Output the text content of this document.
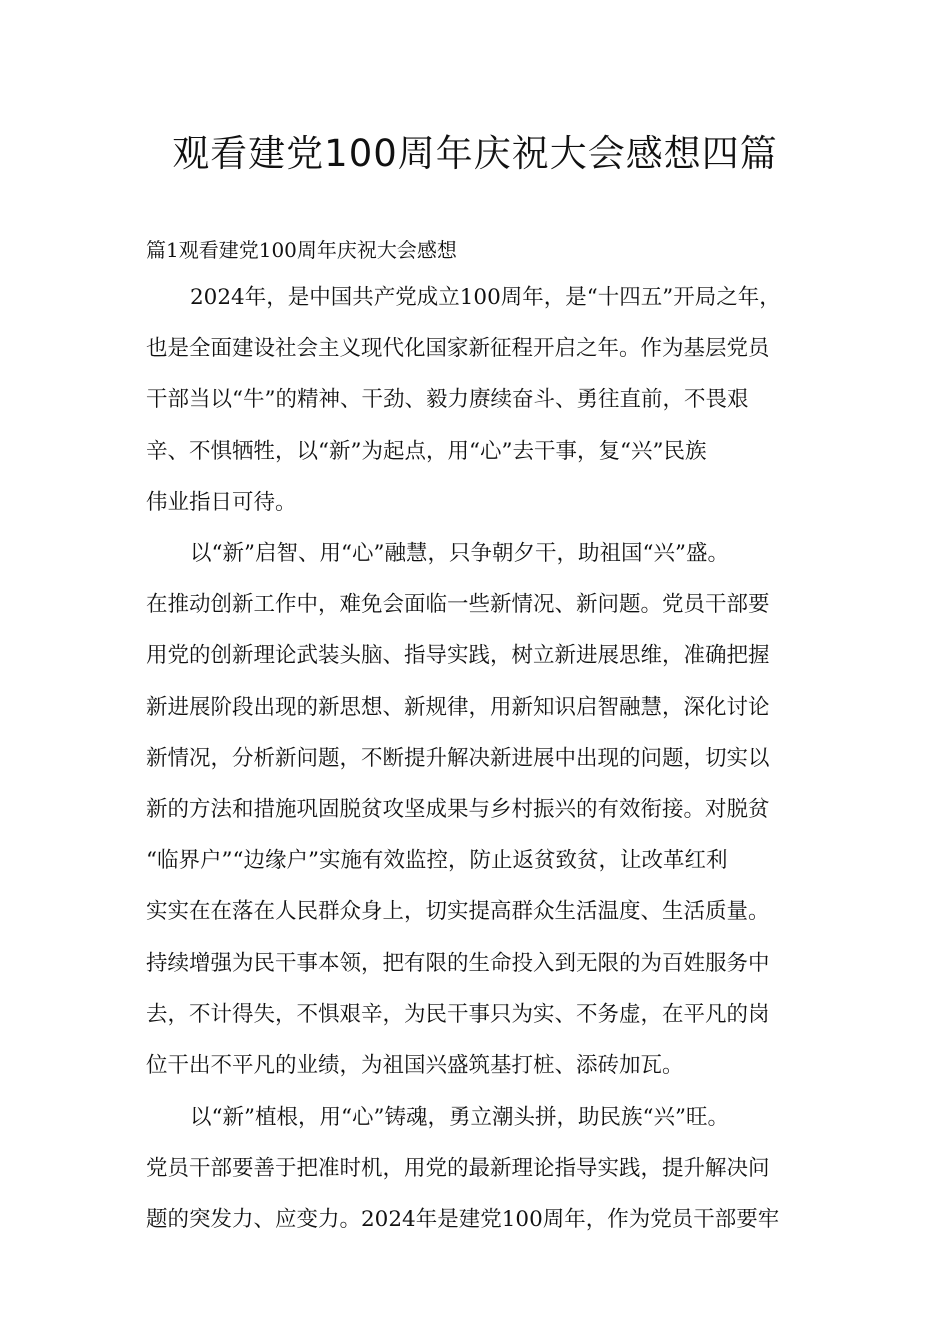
观看建党100周年庆祝大会感想四篇

篇1观看建党100周年庆祝大会感想

2024年，是中国共产党成立100周年，是“十四五”开局之年，
也是全面建设社会主义现代化国家新征程开启之年。作为基层党员
干部当以“牛”的精神、干劲、毅力赓续奋斗、勇往直前，不畏艰
辛、不惧牺牲，以“新”为起点，用“心”去干事，复“兴”民族
伟业指日可待。
以“新”启智、用“心”融慧，只争朝夕干，助祖国“兴”盛。
在推动创新工作中，难免会面临一些新情况、新问题。党员干部要
用党的创新理论武装头脑、指导实践，树立新进展思维，准确把握
新进展阶段出现的新思想、新规律，用新知识启智融慧，深化讨论
新情况，分析新问题，不断提升解决新进展中出现的问题，切实以
新的方法和措施巩固脱贫攻坚成果与乡村振兴的有效衔接。对脱贫
“临界户”“边缘户”实施有效监控，防止返贫致贫，让改革红利
实实在在落在人民群众身上，切实提高群众生活温度、生活质量。
持续增强为民干事本领，把有限的生命投入到无限的为百姓服务中
去，不计得失，不惧艰辛，为民干事只为实、不务虚，在平凡的岗
位干出不平凡的业绩，为祖国兴盛筑基打桩、添砖加瓦。
以“新”植根，用“心”铸魂，勇立潮头拼，助民族“兴”旺。
党员干部要善于把准时机，用党的最新理论指导实践，提升解决问
题的突发力、应变力。2024年是建党100周年，作为党员干部要牢
